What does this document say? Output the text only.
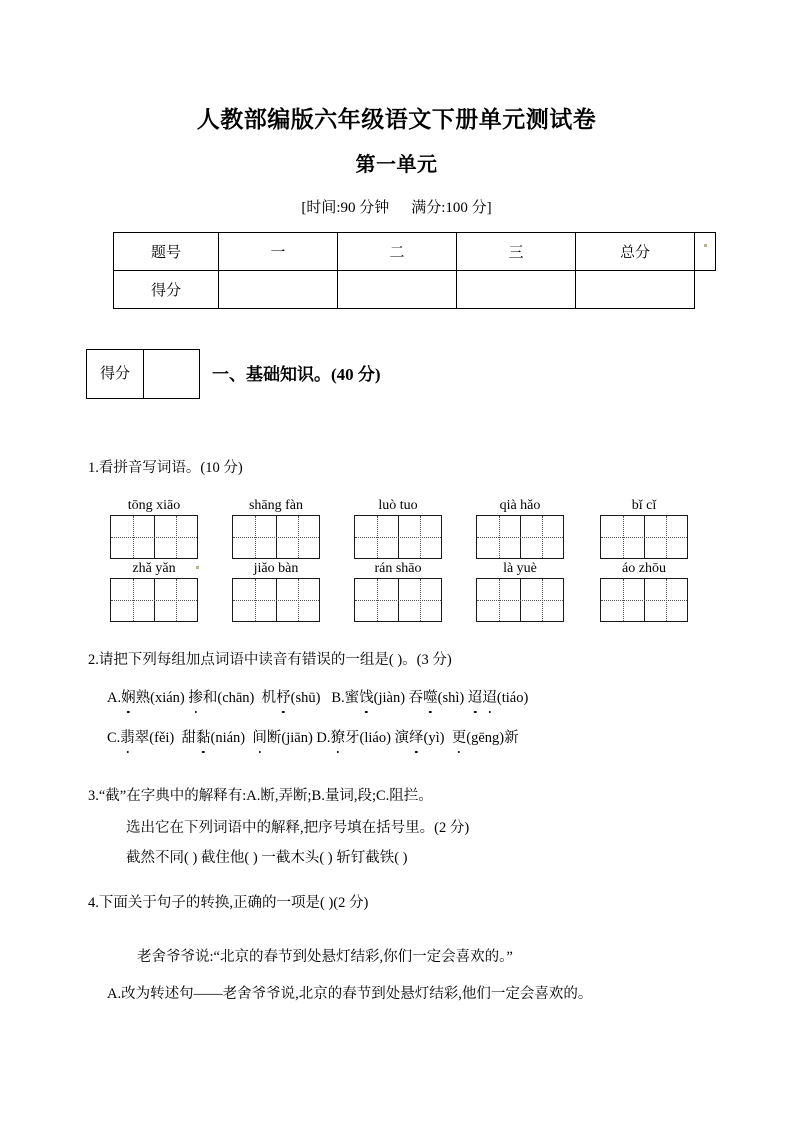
人教部编版六年级语文下册单元测试卷
第一单元
[时间:90 分钟 满分:100 分]
题号	一	二	三	总分	

得分					
得分	一、基础知识。(40 分)
1.看拼音写词语。(10 分)
tōng xiāo	shāng fàn	luò tuo	qià hǎo	bǐ cǐ
zhǎ yǎn	jiǎo bàn	rán shāo	là yuè	áo zhōu
2.请把下列每组加点词语中读音有错误的一组是( )。(3 分)
A.娴熟(xián) 掺和(chān) 机杼(shū) B.蜜饯(jiàn) 吞噬(shì) 迢迢(tiáo)
C.翡翠(fěi) 甜黏(nián) 间断(jiān) D.獠牙(liáo) 演绎(yì) 更(gēng)新
3.“截”在字典中的解释有:A.断,弄断;B.量词,段;C.阻拦。
选出它在下列词语中的解释,把序号填在括号里。(2 分)
截然不同( ) 截住他( ) 一截木头( ) 斩钉截铁( )
4.下面关于句子的转换,正确的一项是( )(2 分)
老舍爷爷说:“北京的春节到处悬灯结彩,你们一定会喜欢的。”
A.改为转述句——老舍爷爷说,北京的春节到处悬灯结彩,他们一定会喜欢的。
